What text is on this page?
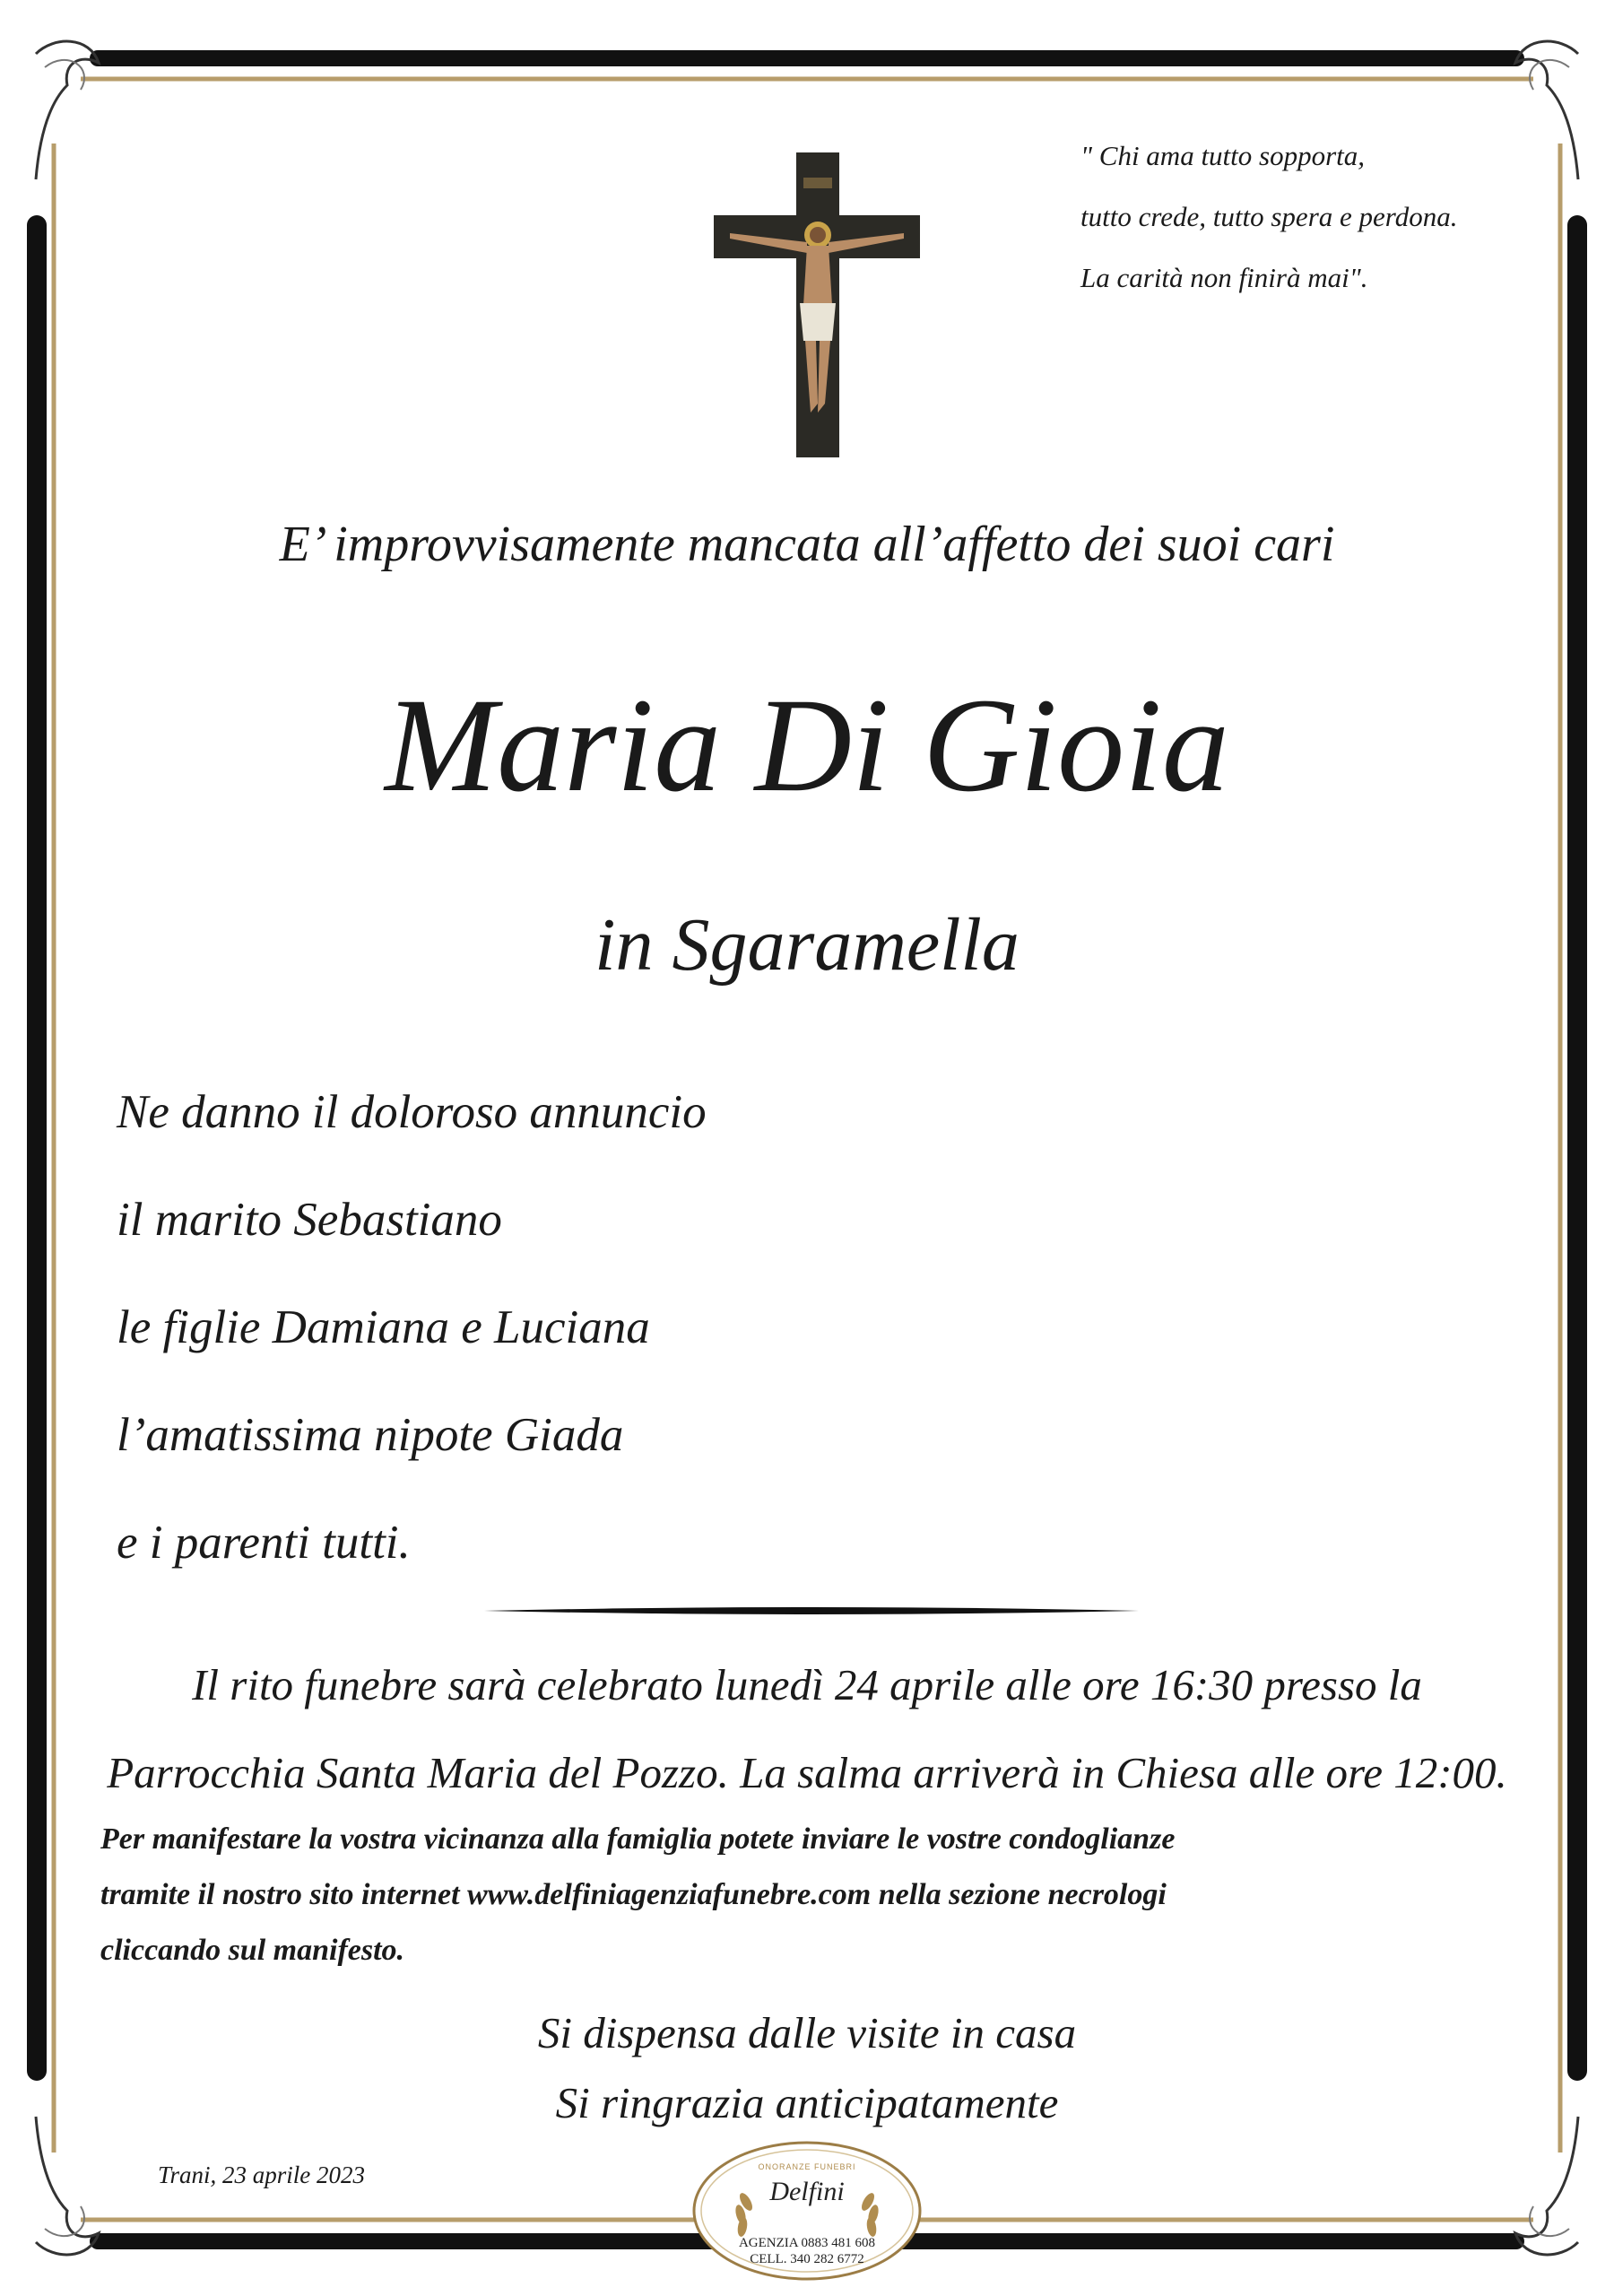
" Chi ama tutto sopporta,
tutto crede, tutto spera e perdona.
La carità non finirà mai".
E’ improvvisamente mancata all’affetto dei suoi cari
Maria Di Gioia
in Sgaramella
Ne danno il doloroso annuncio
il marito Sebastiano
le figlie Damiana e Luciana
l’amatissima nipote Giada
e i parenti tutti.
Il rito funebre sarà celebrato lunedì 24 aprile alle ore 16:30 presso la
Parrocchia Santa Maria del Pozzo. La salma arriverà in Chiesa alle ore 12:00.
Per manifestare la vostra vicinanza alla famiglia potete inviare le vostre condoglianze
tramite il nostro sito internet www.delfiniagenziafunebre.com nella sezione necrologi
cliccando sul manifesto.
Si dispensa dalle visite in casa
Si ringrazia anticipatamente
Trani, 23 aprile 2023	ONORANZE FUNEBRI
Delfini
AGENZIA 0883 481 608
CELL. 340 282 6772
